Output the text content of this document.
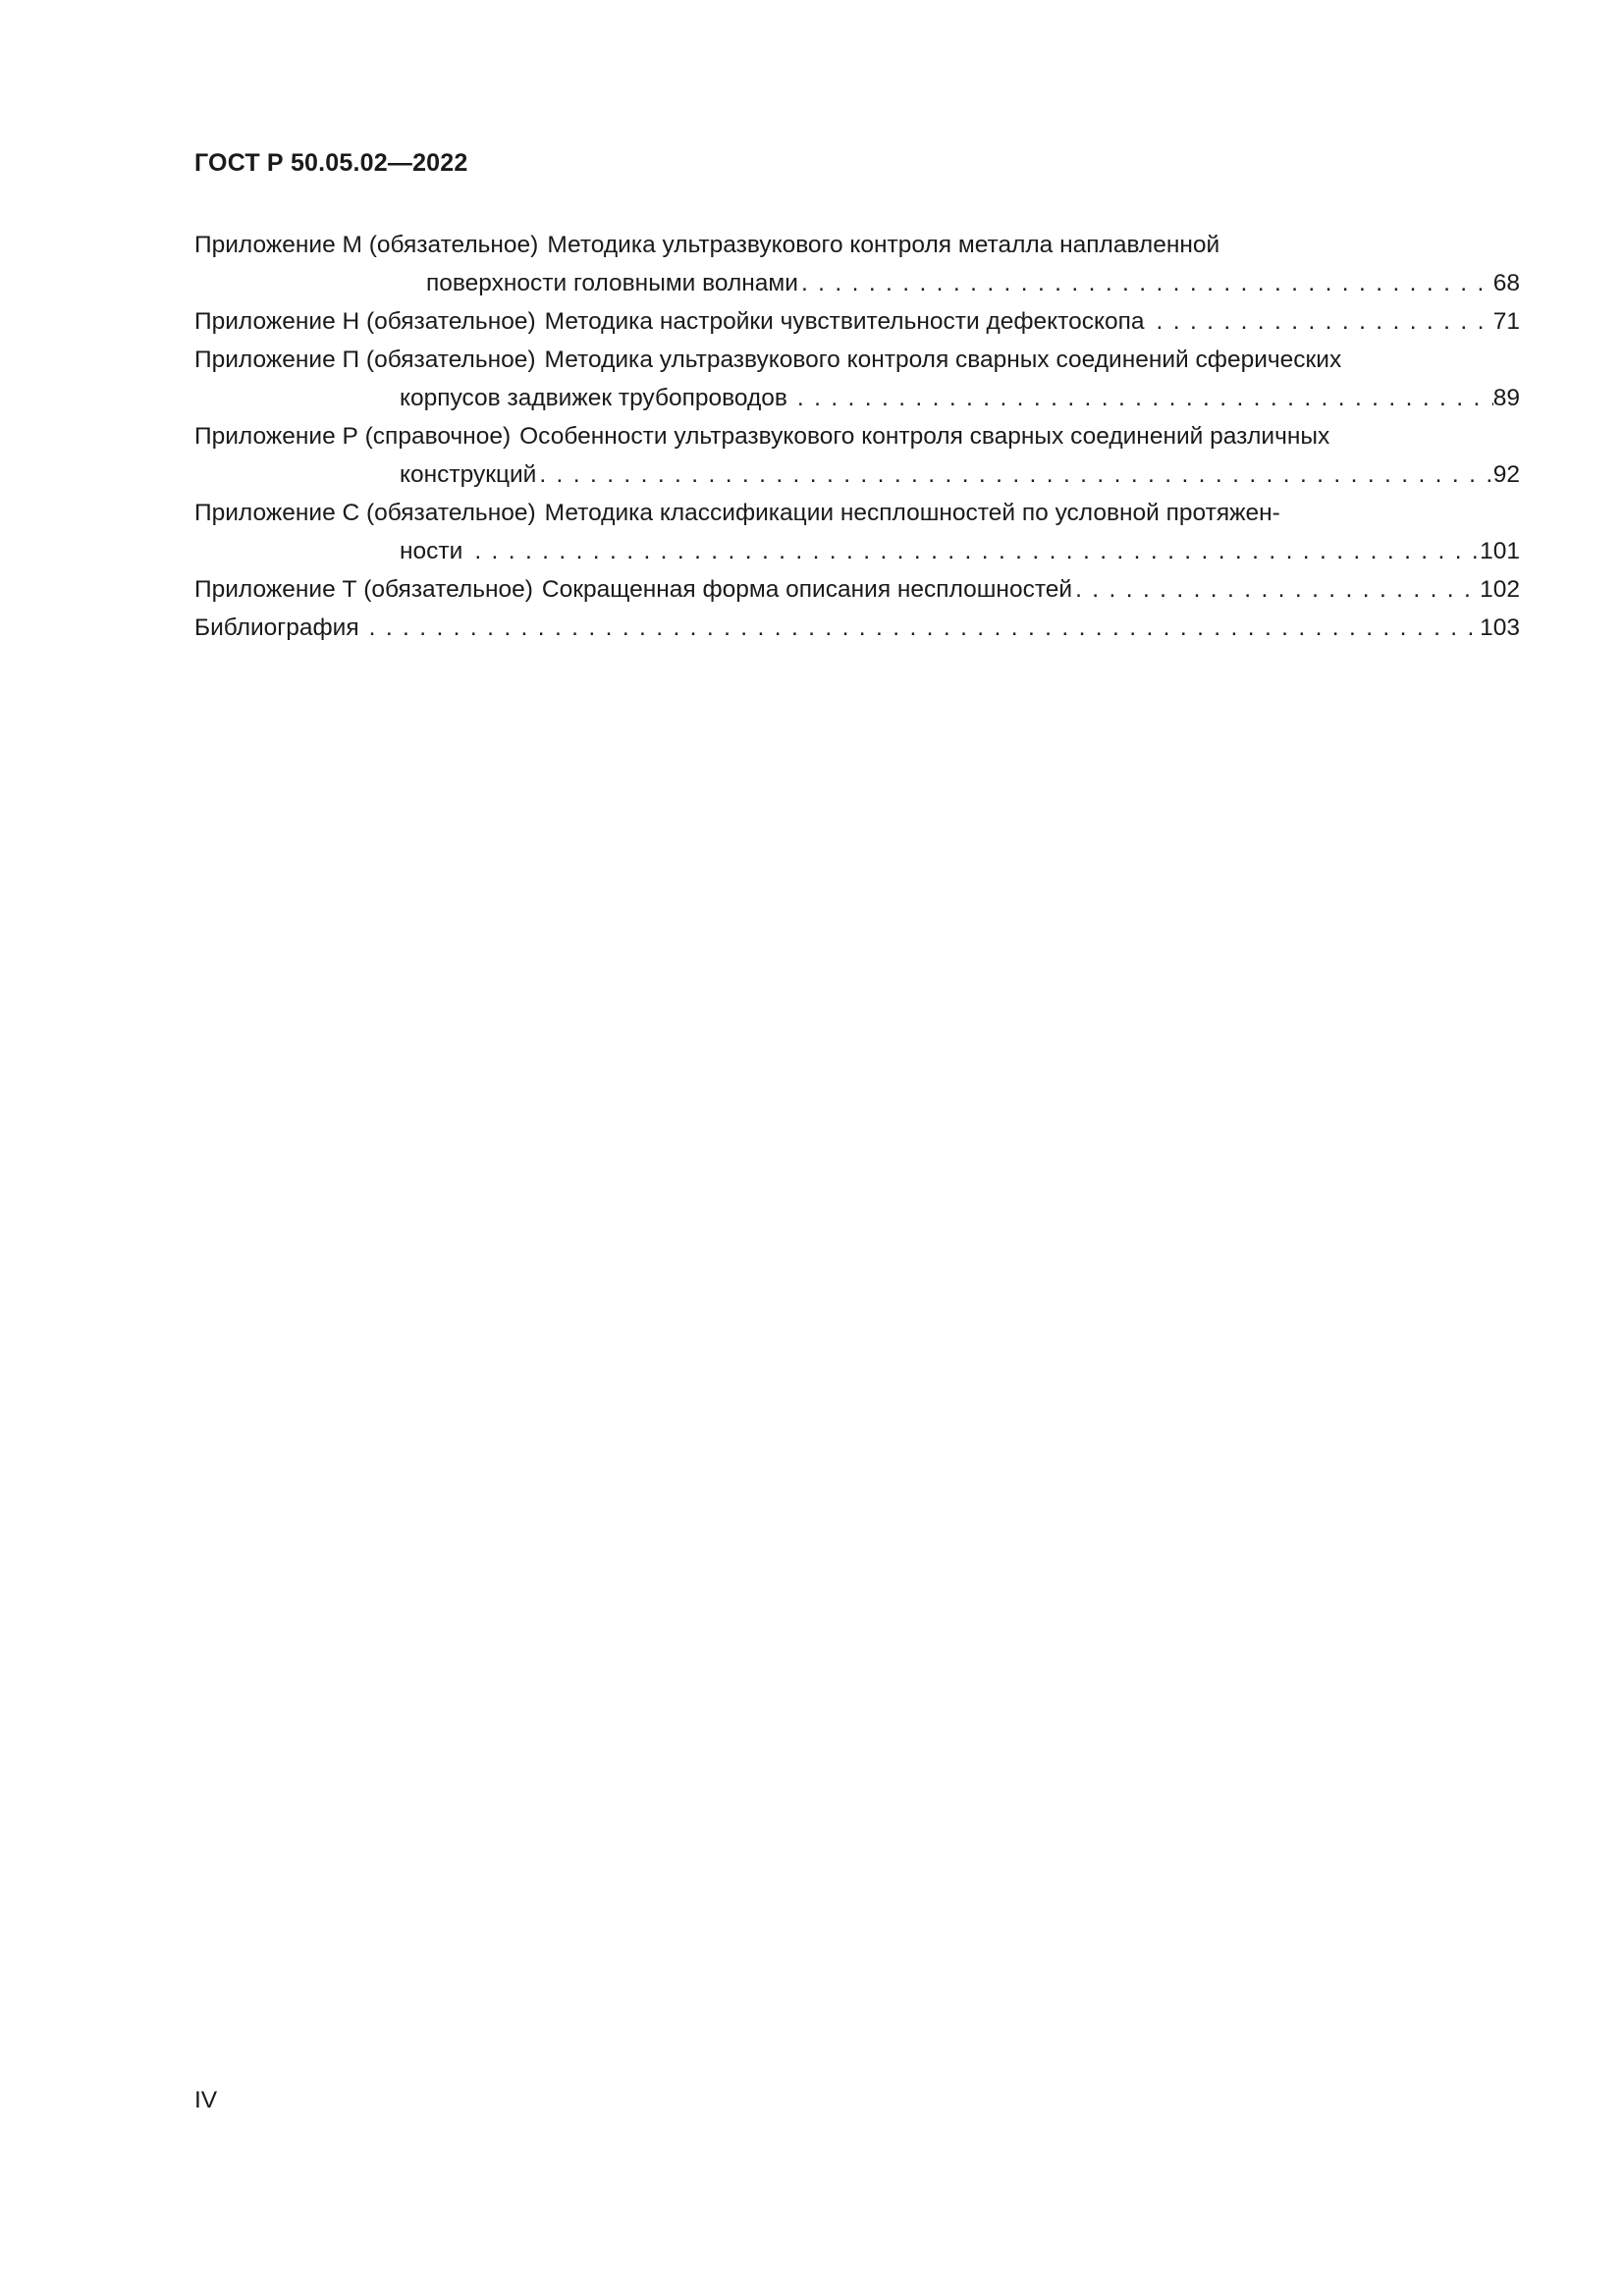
ГОСТ Р 50.05.02—2022
Приложение М (обязательное) Методика ультразвукового контроля металла наплавленной
поверхности головными волнами . . .	68
Приложение Н (обязательное) Методика настройки чувствительности дефектоскопа . . .	71
Приложение П (обязательное) Методика ультразвукового контроля сварных соединений сферических
корпусов задвижек трубопроводов . . .	89
Приложение Р (справочное) Особенности ультразвукового контроля сварных соединений различных
конструкций . . .	92
Приложение С (обязательное) Методика классификации несплошностей по условной протяжен-
ности . . .	101
Приложение Т (обязательное) Сокращенная форма описания несплошностей . . .	102
Библиография . . .	103
IV
